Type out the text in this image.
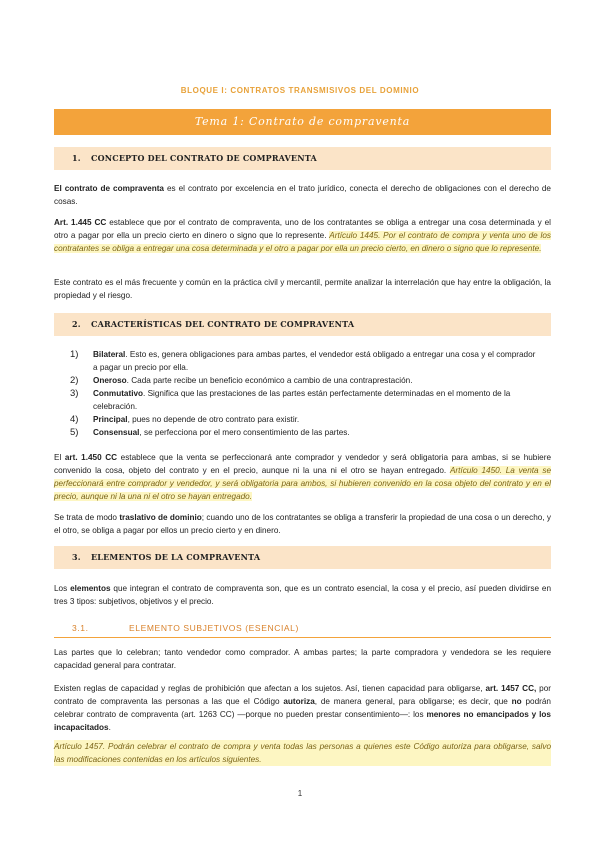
BLOQUE I: CONTRATOS TRANSMISIVOS DEL DOMINIO
Tema 1: Contrato de compraventa
1. CONCEPTO DEL CONTRATO DE COMPRAVENTA
El contrato de compraventa es el contrato por excelencia en el trato jurídico, conecta el derecho de obligaciones con el derecho de cosas.
Art. 1.445 CC establece que por el contrato de compraventa, uno de los contratantes se obliga a entregar una cosa determinada y el otro a pagar por ella un precio cierto en dinero o signo que lo represente. Artículo 1445. Por el contrato de compra y venta uno de los contratantes se obliga a entregar una cosa determinada y el otro a pagar por ella un precio cierto, en dinero o signo que lo represente.
Este contrato es el más frecuente y común en la práctica civil y mercantil, permite analizar la interrelación que hay entre la obligación, la propiedad y el riesgo.
2. CARACTERÍSTICAS DEL CONTRATO DE COMPRAVENTA
1) Bilateral. Esto es, genera obligaciones para ambas partes, el vendedor está obligado a entregar una cosa y el comprador a pagar un precio por ella.
2) Oneroso. Cada parte recibe un beneficio económico a cambio de una contraprestación.
3) Conmutativo. Significa que las prestaciones de las partes están perfectamente determinadas en el momento de la celebración.
4) Principal, pues no depende de otro contrato para existir.
5) Consensual, se perfecciona por el mero consentimiento de las partes.
El art. 1.450 CC establece que la venta se perfeccionará ante comprador y vendedor y será obligatoria para ambas, si se hubiere convenido la cosa, objeto del contrato y en el precio, aunque ni la una ni el otro se hayan entregado. Artículo 1450. La venta se perfeccionará entre comprador y vendedor, y será obligatoria para ambos, si hubieren convenido en la cosa objeto del contrato y en el precio, aunque ni la una ni el otro se hayan entregado.
Se trata de modo traslativo de dominio; cuando uno de los contratantes se obliga a transferir la propiedad de una cosa o un derecho, y el otro, se obliga a pagar por ellos un precio cierto y en dinero.
3. ELEMENTOS DE LA COMPRAVENTA
Los elementos que integran el contrato de compraventa son, que es un contrato esencial, la cosa y el precio, así pueden dividirse en tres 3 tipos: subjetivos, objetivos y el precio.
3.1.	ELEMENTO SUBJETIVOS (ESENCIAL)
Las partes que lo celebran; tanto vendedor como comprador. A ambas partes; la parte compradora y vendedora se les requiere capacidad general para contratar.
Existen reglas de capacidad y reglas de prohibición que afectan a los sujetos. Así, tienen capacidad para obligarse, art. 1457 CC, por contrato de compraventa las personas a las que el Código autoriza, de manera general, para obligarse; es decir, que no podrán celebrar contrato de compraventa (art. 1263 CC) —porque no pueden prestar consentimiento—: los menores no emancipados y los incapacitados.
Artículo 1457. Podrán celebrar el contrato de compra y venta todas las personas a quienes este Código autoriza para obligarse, salvo las modificaciones contenidas en los artículos siguientes.
1
